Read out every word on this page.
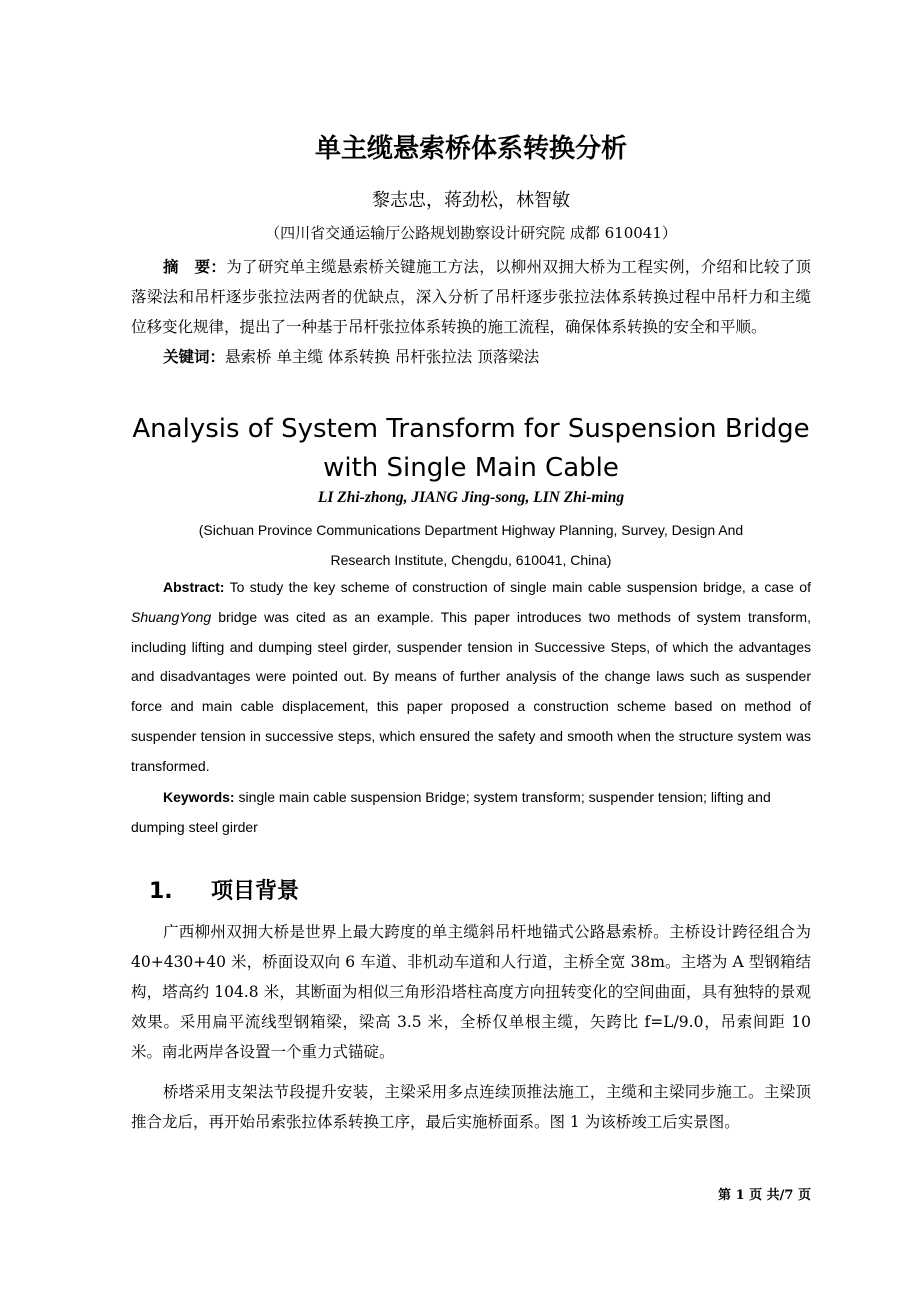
单主缆悬索桥体系转换分析
黎志忠，蒋劲松，林智敏
（四川省交通运输厅公路规划勘察设计研究院 成都 610041）

摘　要：为了研究单主缆悬索桥关键施工方法，以柳州双拥大桥为工程实例，介绍和比较了顶落梁法和吊杆逐步张拉法两者的优缺点，深入分析了吊杆逐步张拉法体系转换过程中吊杆力和主缆位移变化规律，提出了一种基于吊杆张拉体系转换的施工流程，确保体系转换的安全和平顺。

关键词：悬索桥 单主缆 体系转换 吊杆张拉法 顶落梁法
Analysis of System Transform for Suspension Bridge
with Single Main Cable
LI Zhi-zhong, JIANG Jing-song, LIN Zhi-ming
(Sichuan Province Communications Department Highway Planning, Survey, Design And
Research Institute, Chengdu, 610041, China)

Abstract: To study the key scheme of construction of single main cable suspension bridge, a case of ShuangYong bridge was cited as an example. This paper introduces two methods of system transform, including lifting and dumping steel girder, suspender tension in Successive Steps, of which the advantages and disadvantages were pointed out. By means of further analysis of the change laws such as suspender force and main cable displacement, this paper proposed a construction scheme based on method of suspender tension in successive steps, which ensured the safety and smooth when the structure system was transformed.

Keywords: single main cable suspension Bridge; system transform; suspender tension; lifting and dumping steel girder

1. 项目背景

广西柳州双拥大桥是世界上最大跨度的单主缆斜吊杆地锚式公路悬索桥。主桥设计跨径组合为 40+430+40 米，桥面设双向 6 车道、非机动车道和人行道，主桥全宽 38m。主塔为 A 型钢箱结构，塔高约 104.8 米，其断面为相似三角形沿塔柱高度方向扭转变化的空间曲面，具有独特的景观效果。采用扁平流线型钢箱梁，梁高 3.5 米，全桥仅单根主缆，矢跨比 f=L/9.0，吊索间距 10 米。南北两岸各设置一个重力式锚碇。

桥塔采用支架法节段提升安装，主梁采用多点连续顶推法施工，主缆和主梁同步施工。主梁顶推合龙后，再开始吊索张拉体系转换工序，最后实施桥面系。图 1 为该桥竣工后实景图。

第 1 页 共/7 页
